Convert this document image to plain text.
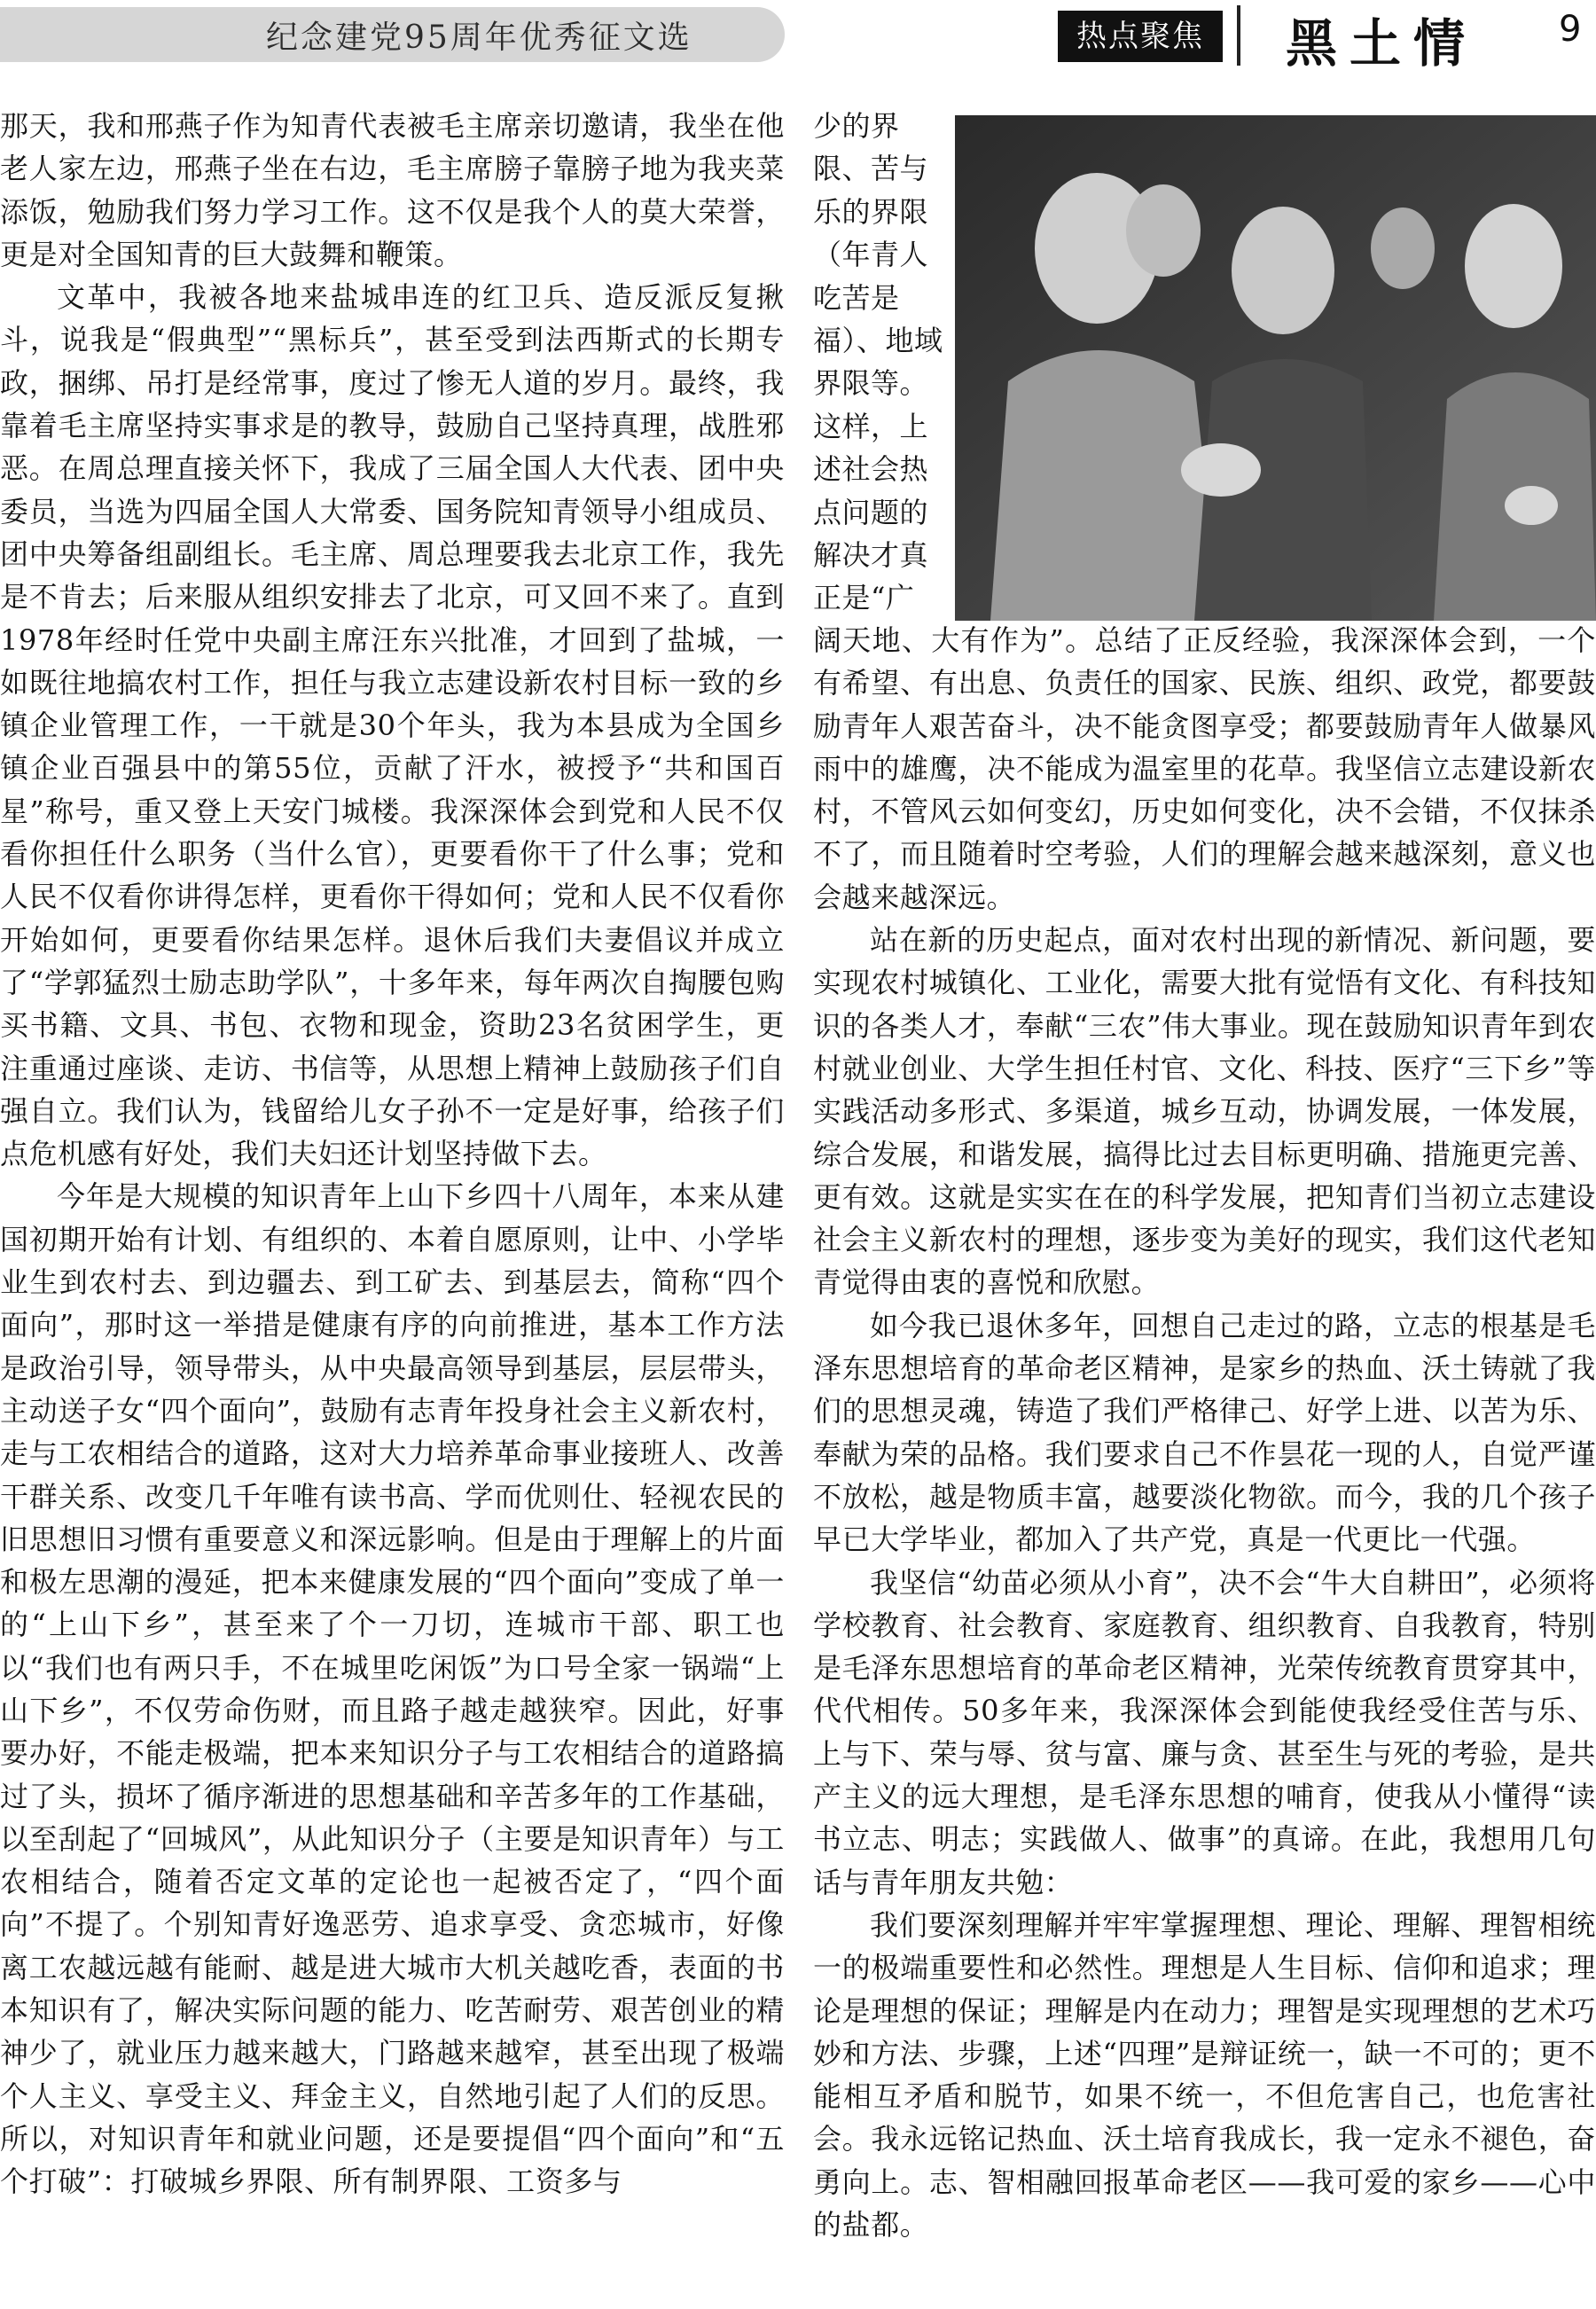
纪念建党95周年优秀征文选	热点聚焦	黑土情 9

那天，我和邢燕子作为知青代表被毛主席亲切邀请，我坐在他老人家左边，邢燕子坐在右边，毛主席膀子靠膀子地为我夹菜添饭，勉励我们努力学习工作。这不仅是我个人的莫大荣誉，更是对全国知青的巨大鼓舞和鞭策。

文革中，我被各地来盐城串连的红卫兵、造反派反复揪斗，说我是“假典型”“黑标兵”，甚至受到法西斯式的长期专政，捆绑、吊打是经常事，度过了惨无人道的岁月。最终，我靠着毛主席坚持实事求是的教导，鼓励自己坚持真理，战胜邪恶。在周总理直接关怀下，我成了三届全国人大代表、团中央委员，当选为四届全国人大常委、国务院知青领导小组成员、团中央筹备组副组长。毛主席、周总理要我去北京工作，我先是不肯去；后来服从组织安排去了北京，可又回不来了。直到1978年经时任党中央副主席汪东兴批准，才回到了盐城，一如既往地搞农村工作，担任与我立志建设新农村目标一致的乡镇企业管理工作，一干就是30个年头，我为本县成为全国乡镇企业百强县中的第55位，贡献了汗水，被授予“共和国百星”称号，重又登上天安门城楼。我深深体会到党和人民不仅看你担任什么职务（当什么官），更要看你干了什么事；党和人民不仅看你讲得怎样，更看你干得如何；党和人民不仅看你开始如何，更要看你结果怎样。退休后我们夫妻倡议并成立了“学郭猛烈士励志助学队”，十多年来，每年两次自掏腰包购买书籍、文具、书包、衣物和现金，资助23名贫困学生，更注重通过座谈、走访、书信等，从思想上精神上鼓励孩子们自强自立。我们认为，钱留给儿女子孙不一定是好事，给孩子们点危机感有好处，我们夫妇还计划坚持做下去。

今年是大规模的知识青年上山下乡四十八周年，本来从建国初期开始有计划、有组织的、本着自愿原则，让中、小学毕业生到农村去、到边疆去、到工矿去、到基层去，简称“四个面向”，那时这一举措是健康有序的向前推进，基本工作方法是政治引导，领导带头，从中央最高领导到基层，层层带头，主动送子女“四个面向”，鼓励有志青年投身社会主义新农村，走与工农相结合的道路，这对大力培养革命事业接班人、改善干群关系、改变几千年唯有读书高、学而优则仕、轻视农民的旧思想旧习惯有重要意义和深远影响。但是由于理解上的片面和极左思潮的漫延，把本来健康发展的“四个面向”变成了单一的“上山下乡”，甚至来了个一刀切，连城市干部、职工也以“我们也有两只手，不在城里吃闲饭”为口号全家一锅端“上山下乡”，不仅劳命伤财，而且路子越走越狭窄。因此，好事要办好，不能走极端，把本来知识分子与工农相结合的道路搞过了头，损坏了循序渐进的思想基础和辛苦多年的工作基础，以至刮起了“回城风”，从此知识分子（主要是知识青年）与工农相结合，随着否定文革的定论也一起被否定了，“四个面向”不提了。个别知青好逸恶劳、追求享受、贪恋城市，好像离工农越远越有能耐、越是进大城市大机关越吃香，表面的书本知识有了，解决实际问题的能力、吃苦耐劳、艰苦创业的精神少了，就业压力越来越大，门路越来越窄，甚至出现了极端个人主义、享受主义、拜金主义，自然地引起了人们的反思。所以，对知识青年和就业问题，还是要提倡“四个面向”和“五个打破”：打破城乡界限、所有制界限、工资多与

少的界限、苦与乐的界限（年青人吃苦是福）、地域界限等。这样，上述社会热点问题的解决才真正是“广

阔天地、大有作为”。总结了正反经验，我深深体会到，一个有希望、有出息、负责任的国家、民族、组织、政党，都要鼓励青年人艰苦奋斗，决不能贪图享受；都要鼓励青年人做暴风雨中的雄鹰，决不能成为温室里的花草。我坚信立志建设新农村，不管风云如何变幻，历史如何变化，决不会错，不仅抹杀不了，而且随着时空考验，人们的理解会越来越深刻，意义也会越来越深远。

站在新的历史起点，面对农村出现的新情况、新问题，要实现农村城镇化、工业化，需要大批有觉悟有文化、有科技知识的各类人才，奉献“三农”伟大事业。现在鼓励知识青年到农村就业创业、大学生担任村官、文化、科技、医疗“三下乡”等实践活动多形式、多渠道，城乡互动，协调发展，一体发展，综合发展，和谐发展，搞得比过去目标更明确、措施更完善、更有效。这就是实实在在的科学发展，把知青们当初立志建设社会主义新农村的理想，逐步变为美好的现实，我们这代老知青觉得由衷的喜悦和欣慰。

如今我已退休多年，回想自己走过的路，立志的根基是毛泽东思想培育的革命老区精神，是家乡的热血、沃土铸就了我们的思想灵魂，铸造了我们严格律己、好学上进、以苦为乐、奉献为荣的品格。我们要求自己不作昙花一现的人，自觉严谨不放松，越是物质丰富，越要淡化物欲。而今，我的几个孩子早已大学毕业，都加入了共产党，真是一代更比一代强。

我坚信“幼苗必须从小育”，决不会“牛大自耕田”，必须将学校教育、社会教育、家庭教育、组织教育、自我教育，特别是毛泽东思想培育的革命老区精神，光荣传统教育贯穿其中，代代相传。50多年来，我深深体会到能使我经受住苦与乐、上与下、荣与辱、贫与富、廉与贪、甚至生与死的考验，是共产主义的远大理想，是毛泽东思想的哺育，使我从小懂得“读书立志、明志；实践做人、做事”的真谛。在此，我想用几句话与青年朋友共勉：

我们要深刻理解并牢牢掌握理想、理论、理解、理智相统一的极端重要性和必然性。理想是人生目标、信仰和追求；理论是理想的保证；理解是内在动力；理智是实现理想的艺术巧妙和方法、步骤，上述“四理”是辩证统一，缺一不可的；更不能相互矛盾和脱节，如果不统一，不但危害自己，也危害社会。我永远铭记热血、沃土培育我成长，我一定永不褪色，奋勇向上。志、智相融回报革命老区——我可爱的家乡——心中的盐都。
